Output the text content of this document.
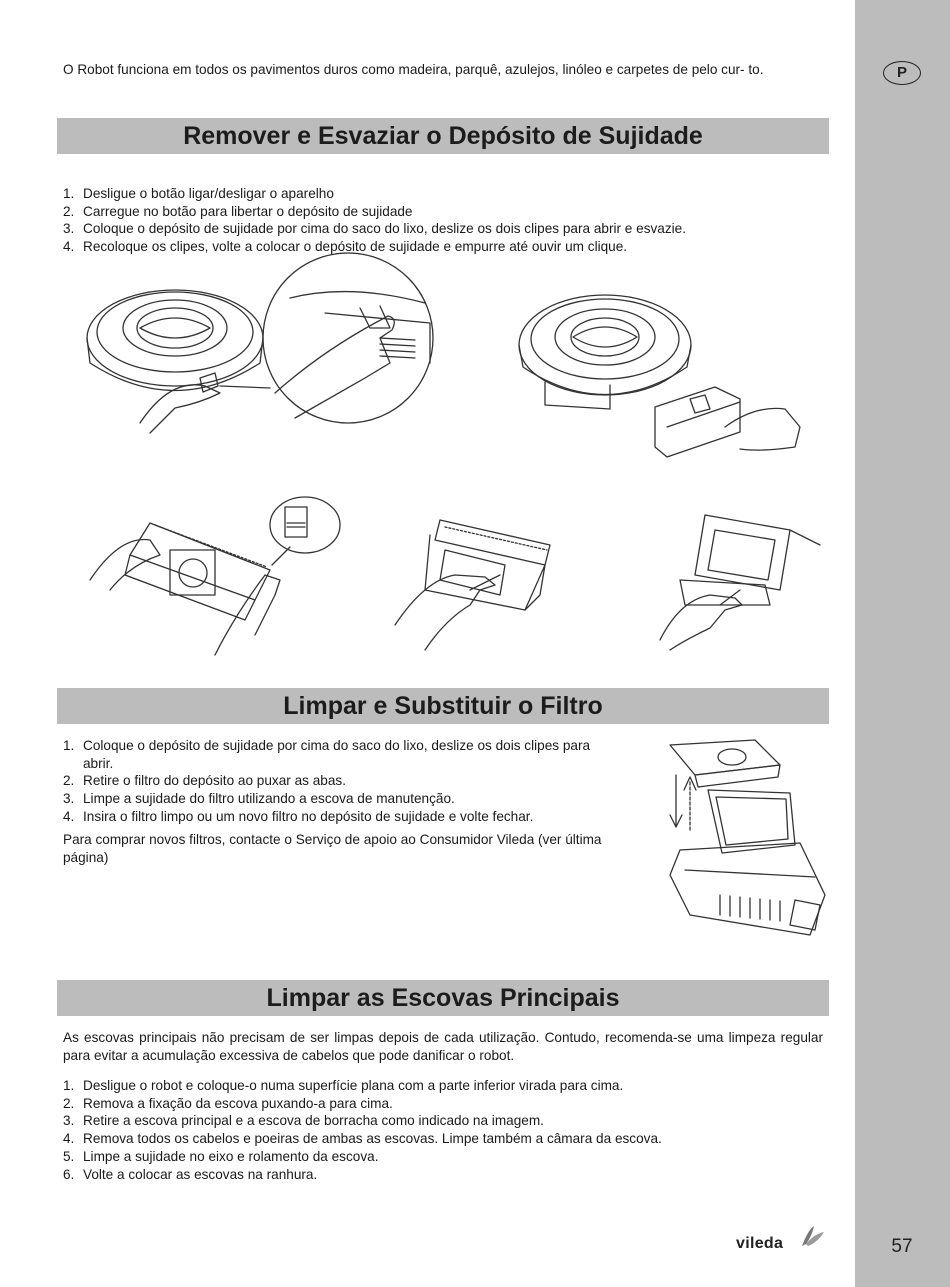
P
O Robot funciona em todos os pavimentos duros como madeira, parquê, azulejos, linóleo e carpetes de pelo cur- to.
Remover e Esvaziar o Depósito de Sujidade
1. Desligue o botão ligar/desligar o aparelho
2. Carregue no botão para libertar o depósito de sujidade
3. Coloque o depósito de sujidade por cima do saco do lixo, deslize os dois clipes para abrir e esvazie.
4. Recoloque os clipes, volte a colocar o depósito de sujidade e empurre até ouvir um clique.
Limpar e Substituir o Filtro
1. Coloque o depósito de sujidade por cima do saco do lixo, deslize os dois clipes para abrir.
2. Retire o filtro do depósito ao puxar as abas.
3. Limpe a sujidade do filtro utilizando a escova de manutenção.
4. Insira o filtro limpo ou um novo filtro no depósito de sujidade e volte fechar.
Para comprar novos filtros, contacte o Serviço de apoio ao Consumidor Vileda (ver última página)
Limpar as Escovas Principais
As escovas principais não precisam de ser limpas depois de cada utilização. Contudo, recomenda-se uma limpeza regular para evitar a acumulação excessiva de cabelos que pode danificar o robot.
1. Desligue o robot e coloque-o numa superfície plana com a parte inferior virada para cima.
2. Remova a fixação da escova puxando-a para cima.
3. Retire a escova principal e a escova de borracha como indicado na imagem.
4. Remova todos os cabelos e poeiras de ambas as escovas. Limpe também a câmara da escova.
5. Limpe a sujidade no eixo e rolamento da escova.
6. Volte a colocar as escovas na ranhura.
vileda	57
